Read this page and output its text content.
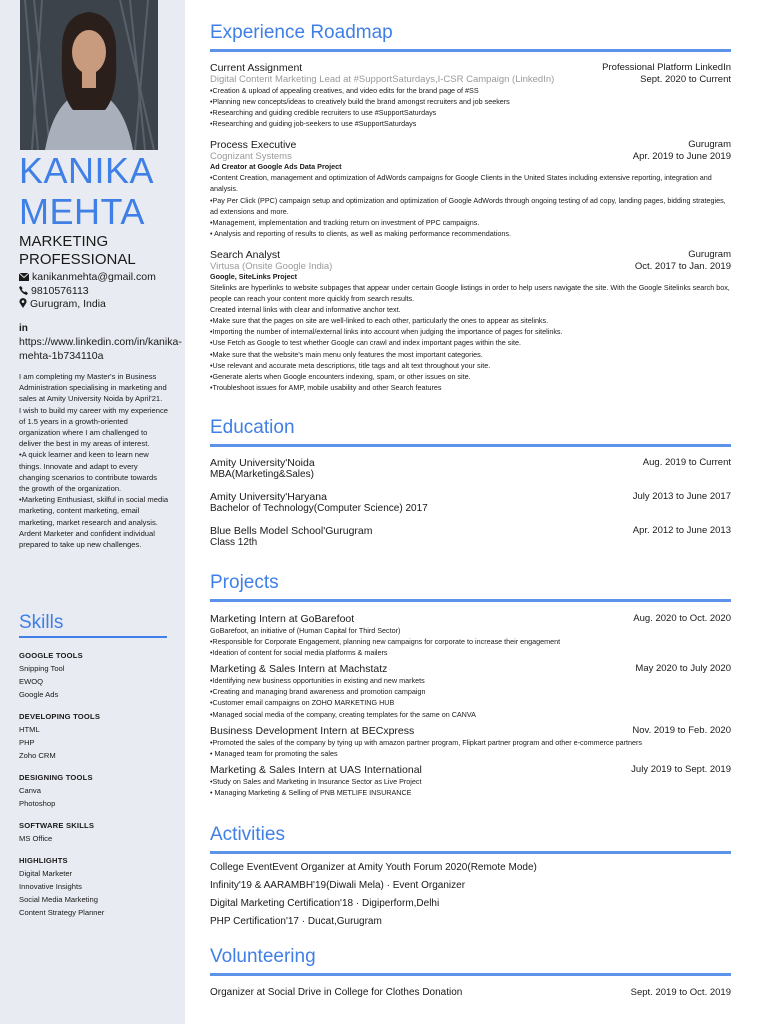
KANIKA
MEHTA
MARKETING PROFESSIONAL
kanikanmehta@gmail.com
9810576113
Gurugram, India
in
https://www.linkedin.com/in/kanika-mehta-1b734110a
I am completing my Master's in Business Administration specialising in marketing and sales at Amity University Noida by April'21.
I wish to build my career with my experience of 1.5 years in a growth-oriented organization where I am challenged to deliver the best in my areas of interest.
•A quick learner and keen to learn new things. Innovate and adapt to every changing scenarios to contribute towards the growth of the organization.
•Marketing Enthusiast, skilful in social media marketing, content marketing, email marketing, market research and analysis. Ardent Marketer and confident individual prepared to take up new challenges.
Skills
GOOGLE TOOLS
Snipping Tool
EWOQ
Google Ads
DEVELOPING TOOLS
HTML
PHP
Zoho CRM
DESIGNING TOOLS
Canva
Photoshop
SOFTWARE SKILLS
MS Office
HIGHLIGHTS
Digital Marketer
Innovative Insights
Social Media Marketing
Content Strategy Planner
Experience Roadmap
Current Assignment	Professional Platform LinkedIn
Digital Content Marketing Lead at #SupportSaturdays,I-CSR Campaign (LinkedIn)	Sept. 2020 to Current
•Creation & upload of appealing creatives, and video edits for the brand page of #SS
•Planning new concepts/ideas to creatively build the brand amongst recruiters and job seekers
•Researching and guiding credible recruiters to use #SupportSaturdays
•Researching and guiding job-seekers to use #SupportSaturdays
Process Executive	Gurugram
Cognizant Systems	Apr. 2019 to June 2019
Ad Creator at Google Ads Data Project
•Content Creation, management and optimization of AdWords campaigns for Google Clients in the United States including extensive reporting, integration and analysis.
•Pay Per Click (PPC) campaign setup and optimization and optimization of Google AdWords through ongoing testing of ad copy, landing pages, bidding strategies, ad extensions and more.
•Management, implementation and tracking return on investment of PPC campaigns.
• Analysis and reporting of results to clients, as well as making performance recommendations.
Search Analyst	Gurugram
Virtusa (Onsite Google India)	Oct. 2017 to Jan. 2019
Google, SiteLinks Project
Sitelinks are hyperlinks to website subpages that appear under certain Google listings in order to help users navigate the site. With the Google Sitelinks search box, people can reach your content more quickly from search results.
Created internal links with clear and informative anchor text.
•Make sure that the pages on site are well-linked to each other, particularly the ones to appear as sitelinks.
•Importing the number of internal/external links into account when judging the importance of pages for sitelinks.
•Use Fetch as Google to test whether Google can crawl and index important pages within the site.
•Make sure that the website's main menu only features the most important categories.
•Use relevant and accurate meta descriptions, title tags and alt text throughout your site.
•Generate alerts when Google encounters indexing, spam, or other issues on site.
•Troubleshoot issues for AMP, mobile usability and other Search features
Education
Amity University'Noida	Aug. 2019 to Current
MBA(Marketing&Sales)
Amity University'Haryana	July 2013 to June 2017
Bachelor of Technology(Computer Science) 2017
Blue Bells Model School'Gurugram	Apr. 2012 to June 2013
Class 12th
Projects
Marketing Intern at GoBarefoot	Aug. 2020 to Oct. 2020
GoBarefoot, an initiative of (Human Capital for Third Sector)
•Responsible for Corporate Engagement, planning new campaigns for corporate to increase their engagement
•Ideation of content for social media platforms & mailers
Marketing & Sales Intern at Machstatz	May 2020 to July 2020
•Identifying new business opportunities in existing and new markets
•Creating and managing brand awareness and promotion campaign
•Customer email campaigns on ZOHO MARKETING HUB
•Managed social media of the company, creating templates for the same on CANVA
Business Development Intern at BECxpress	Nov. 2019 to Feb. 2020
•Promoted the sales of the company by tying up with amazon partner program, Flipkart partner program and other e-commerce partners
• Managed team for promoting the sales
Marketing & Sales Intern at UAS International	July 2019 to Sept. 2019
•Study on Sales and Marketing in Insurance Sector as Live Project
• Managing Marketing & Selling of PNB METLIFE INSURANCE
Activities
College EventEvent Organizer at Amity Youth Forum 2020(Remote Mode)
Infinity'19 & AARAMBH'19(Diwali Mela) · Event Organizer
Digital Marketing Certification'18 · Digiperform,Delhi
PHP Certification'17 · Ducat,Gurugram
Volunteering
Organizer at Social Drive in College for Clothes Donation	Sept. 2019 to Oct. 2019
